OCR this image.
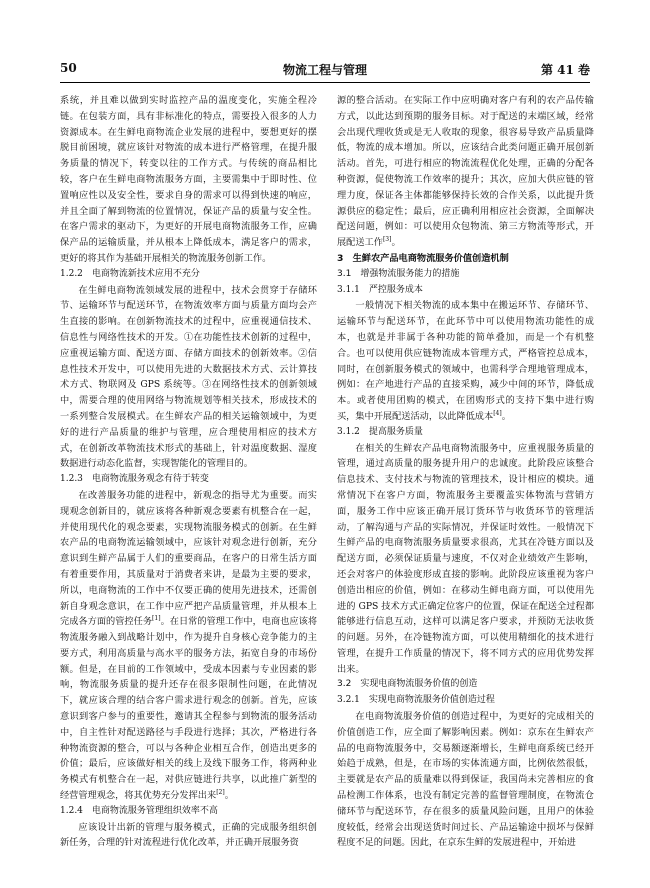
50	物流工程与管理	第 41 卷

系统，并且难以做到实时监控产品的温度变化，实施全程冷链。在包装方面，具有非标准化的特点，需要投入很多的人力资源成本。在生鲜电商物流企业发展的进程中，要想更好的摆脱目前困境，就应该针对物流的成本进行严格管理，在提升服务质量的情况下，转变以往的工作方式。与传统的商品相比较，客户在生鲜电商物流服务方面，主要需集中于即时性、位置响应性以及安全性，要求自身的需求可以得到快速的响应，并且全面了解到物流的位置情况，保证产品的质量与安全性。在客户需求的驱动下，为更好的开展电商物流服务工作，应确保产品的运输质量，并从根本上降低成本，满足客户的需求，更好的将其作为基础开展相关的物流服务创新工作。

1.2.2　电商物流新技术应用不充分

在生鲜电商物流领域发展的进程中，技术会贯穿于存储环节、运输环节与配送环节，在物流效率方面与质量方面均会产生直接的影响。在创新物流技术的过程中，应重视通信技术、信息性与网络性技术的开发。①在功能性技术创新的过程中，应重视运输方面、配送方面、存储方面技术的创新效率。②信息性技术开发中，可以使用先进的大数据技术方式、云计算技术方式、物联网及 GPS 系统等。③在网络性技术的创新领域中，需要合理的使用网络与物流规划等相关技术，形成技术的一系列整合发展模式。在生鲜农产品的相关运输领域中，为更好的进行产品质量的维护与管理，应合理使用相应的技术方式，在创新改革物流技术形式的基础上，针对温度数据、湿度数据进行动态化监督，实现智能化的管理目的。

1.2.3　电商物流服务观念有待于转变

在改善服务功能的进程中，新观念的指导尤为重要。而实现观念创新目的，就应该将各种新观念要素有机整合在一起，并使用现代化的观念要素，实现物流服务模式的创新。在生鲜农产品的电商物流运输领域中，应该针对观念进行创新，充分意识到生鲜产品属于人们的重要商品，在客户的日常生活方面有着重要作用，其质量对于消费者来讲，是最为主要的要求，所以，电商物流的工作中不仅要正确的使用先进技术，还需创新自身观念意识，在工作中应严把产品质量管理，并从根本上完成各方面的管控任务[1]。在日常的管理工作中，电商也应该将物流服务融入到战略计划中，作为提升自身核心竞争能力的主要方式，利用高质量与高水平的服务方法，拓宽自身的市场份额。但是，在目前的工作领域中，受成本因素与专业因素的影响，物流服务质量的提升还存在很多限制性问题，在此情况下，就应该合理的结合客户需求进行观念的创新。首先，应该意识到客户参与的重要性，邀请其全程参与到物流的服务活动中，自主性针对配送路径与手段进行选择；其次，严格进行各种物流资源的整合，可以与各种企业相互合作，创造出更多的价值；最后，应该做好相关的线上及线下服务工作，将两种业务模式有机整合在一起，对供应链进行共享，以此推广新型的经营管理观念，将其优势充分发挥出来[2]。

1.2.4　电商物流服务管理组织效率不高

应该设计出新的管理与服务模式，正确的完成服务组织创新任务，合理的针对流程进行优化改革，并正确开展服务资

源的整合活动。在实际工作中应明确对客户有利的农产品传输方式，以此达到预期的服务目标。对于配送的末端区域，经常会出现代理收货或是无人收取的现象，很容易导致产品质量降低，物流的成本增加。所以，应该结合此类问题正确开展创新活动。首先，可进行相应的物流流程优化处理，正确的分配各种资源，促使物流工作效率的提升；其次，应加大供应链的管理力度，保证各主体都能够保持长效的合作关系，以此提升货源供应的稳定性；最后，应正确利用相应社会资源，全面解决配送问题，例如：可以使用众包物流、第三方物流等形式，开展配送工作[3]。

3　生鲜农产品电商物流服务价值创造机制
3.1　增强物流服务能力的措施
3.1.1　严控服务成本

一般情况下相关物流的成本集中在搬运环节、存储环节、运输环节与配送环节，在此环节中可以使用物流功能性的成本，也就是并非属于各种功能的简单叠加，而是一个有机整合。也可以使用供应链物流成本管理方式，严格管控总成本，同时，在创新服务模式的领域中，也需科学合理地管理成本，例如：在产地进行产品的直接采购，减少中间的环节，降低成本。或者使用团购的模式，在团购形式的支持下集中进行购买，集中开展配送活动，以此降低成本[4]。

3.1.2　提高服务质量

在相关的生鲜农产品电商物流服务中，应重视服务质量的管理，通过高质量的服务提升用户的忠诚度。此阶段应该整合信息技术、支付技术与物流的管理技术，设计相应的模块。通常情况下在客户方面，物流服务主要覆盖实体物流与营销方面，服务工作中应该正确开展订货环节与收货环节的管理活动，了解沟通与产品的实际情况，并保证时效性。一般情况下生鲜产品的电商物流服务质量要求很高，尤其在冷链方面以及配送方面，必须保证质量与速度，不仅对企业绩效产生影响，还会对客户的体验度形成直接的影响。此阶段应该重视为客户创造出相应的价值，例如：在移动生鲜电商方面，可以使用先进的 GPS 技术方式正确定位客户的位置，保证在配送全过程都能够进行信息互动，这样可以满足客户要求，并预防无法收货的问题。另外，在冷链物流方面，可以使用精细化的技术进行管理，在提升工作质量的情况下，将不同方式的应用优势发挥出来。

3.2　实现电商物流服务价值的创造
3.2.1　实现电商物流服务价值创造过程

在电商物流服务价值的创造过程中，为更好的完成相关的价值创造工作，应全面了解影响因素。例如：京东在生鲜农产品的电商物流服务中，交易额逐渐增长，生鲜电商系统已经开始趋于成熟，但是，在市场的实体流通方面，比例依然很低，主要就是农产品的质量难以得到保证，我国尚未完善相应的食品检测工作体系，也没有制定完善的监督管理制度，在物流仓储环节与配送环节，存在很多的质量风险问题，且用户的体验度较低，经常会出现送货时间过长、产品运输途中损坏与保鲜程度不足的问题。因此，在京东生鲜的发展进程中，开始进
